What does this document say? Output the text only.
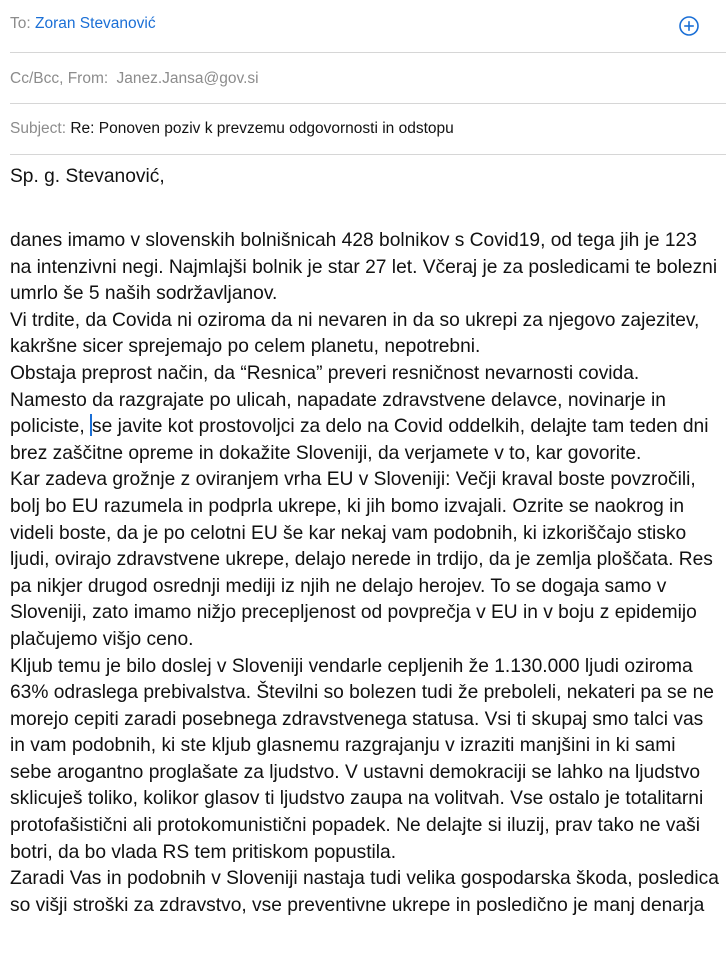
To: Zoran Stevanović
Cc/Bcc, From: Janez.Jansa@gov.si
Subject: Re: Ponoven poziv k prevzemu odgovornosti in odstopu
Sp. g. Stevanović,
danes imamo v slovenskih bolnišnicah 428 bolnikov s Covid19, od tega jih je 123
na intenzivni negi. Najmlajši bolnik je star 27 let. Včeraj je za posledicami te bolezni
umrlo še 5 naših sodržavljanov.
Vi trdite, da Covida ni oziroma da ni nevaren in da so ukrepi za njegovo zajezitev,
kakršne sicer sprejemajo po celem planetu, nepotrebni.
Obstaja preprost način, da “Resnica” preveri resničnost nevarnosti covida.
Namesto da razgrajate po ulicah, napadate zdravstvene delavce, novinarje in
policiste, se javite kot prostovoljci za delo na Covid oddelkih, delajte tam teden dni
brez zaščitne opreme in dokažite Sloveniji, da verjamete v to, kar govorite.
Kar zadeva grožnje z oviranjem vrha EU v Sloveniji: Večji kraval boste povzročili,
bolj bo EU razumela in podprla ukrepe, ki jih bomo izvajali. Ozrite se naokrog in
videli boste, da je po celotni EU še kar nekaj vam podobnih, ki izkoriščajo stisko
ljudi, ovirajo zdravstvene ukrepe, delajo nerede in trdijo, da je zemlja ploščata. Res
pa nikjer drugod osrednji mediji iz njih ne delajo herojev. To se dogaja samo v
Sloveniji, zato imamo nižjo precepljenost od povprečja v EU in v boju z epidemijo
plačujemo višjo ceno.
Kljub temu je bilo doslej v Sloveniji vendarle cepljenih že 1.130.000 ljudi oziroma
63% odraslega prebivalstva. Številni so bolezen tudi že preboleli, nekateri pa se ne
morejo cepiti zaradi posebnega zdravstvenega statusa. Vsi ti skupaj smo talci vas
in vam podobnih, ki ste kljub glasnemu razgrajanju v izraziti manjšini in ki sami
sebe arogantno proglašate za ljudstvo. V ustavni demokraciji se lahko na ljudstvo
sklicuješ toliko, kolikor glasov ti ljudstvo zaupa na volitvah. Vse ostalo je totalitarni
protofašistični ali protokomunistični popadek. Ne delajte si iluzij, prav tako ne vaši
botri, da bo vlada RS tem pritiskom popustila.
Zaradi Vas in podobnih v Sloveniji nastaja tudi velika gospodarska škoda, posledica
so višji stroški za zdravstvo, vse preventivne ukrepe in posledično je manj denarja
